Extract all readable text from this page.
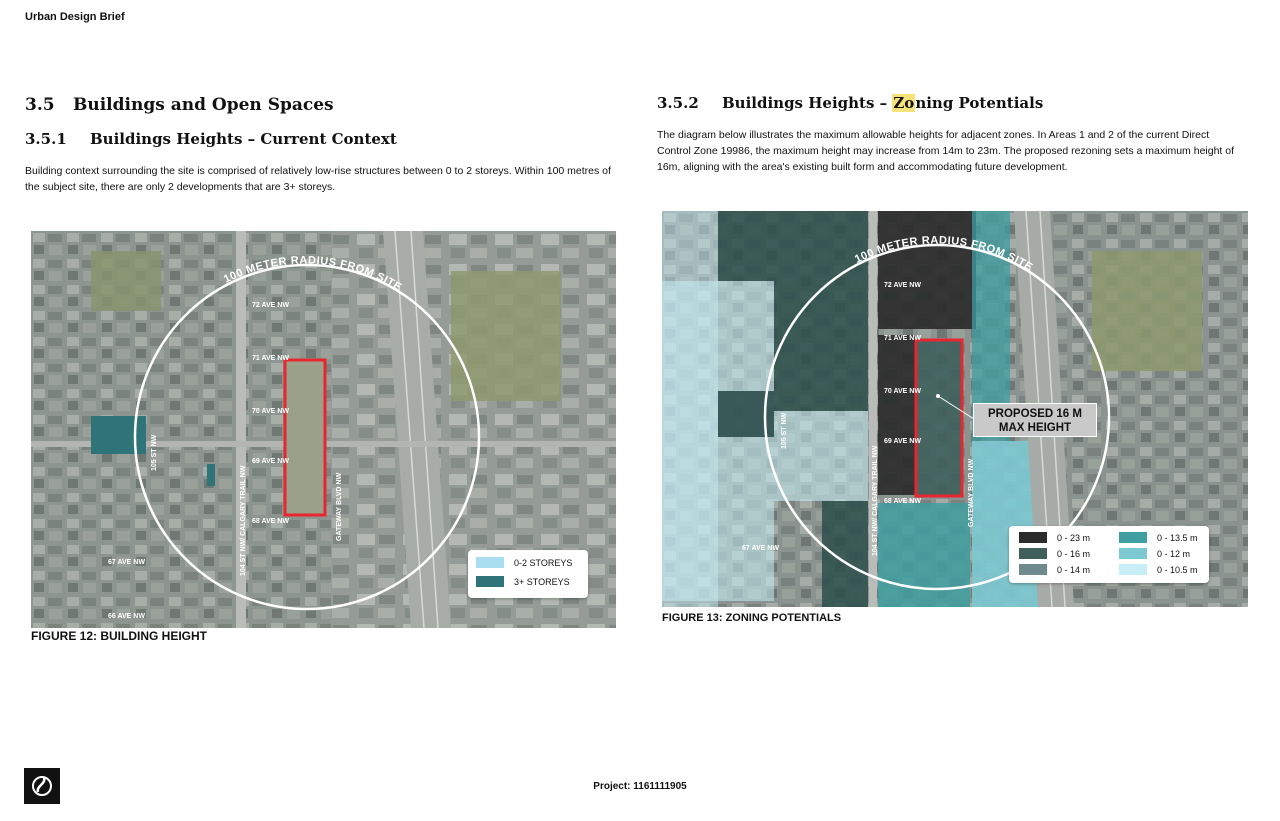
Urban Design Brief
3.5 Buildings and Open Spaces
3.5.1 Buildings Heights – Current Context
Building context surrounding the site is comprised of relatively low-rise structures between 0 to 2 storeys. Within 100 metres of the subject site, there are only 2 developments that are 3+ storeys.
100 METER RADIUS FROM SITE
72 AVE NW
71 AVE NW
70 AVE NW
69 AVE NW
68 AVE NW
67 AVE NW
66 AVE NW
105 ST NW
104 ST NW/ CALGARY TRAIL NW	GATEWAY BLVD NW
0-2 STOREYS
3+ STOREYS
FIGURE 12: BUILDING HEIGHT
3.5.2 Buildings Heights – Zoning Potentials
The diagram below illustrates the maximum allowable heights for adjacent zones. In Areas 1 and 2 of the current Direct Control Zone 19986, the maximum height may increase from 14m to 23m. The proposed rezoning sets a maximum height of 16m, aligning with the area's existing built form and accommodating future development.
100 METER RADIUS FROM SITE
72 AVE NW
71 AVE NW
70 AVE NW
69 AVE NW
68 AVE NW
67 AVE NW
105 ST NW
104 ST NW/ CALGARY TRAIL NW	GATEWAY BLVD NW
PROPOSED 16 M
MAX HEIGHT
0 - 23 m
0 - 16 m
0 - 14 m
0 - 13.5 m
0 - 12 m
0 - 10.5 m
FIGURE 13: ZONING POTENTIALS
Project: 1161111905
